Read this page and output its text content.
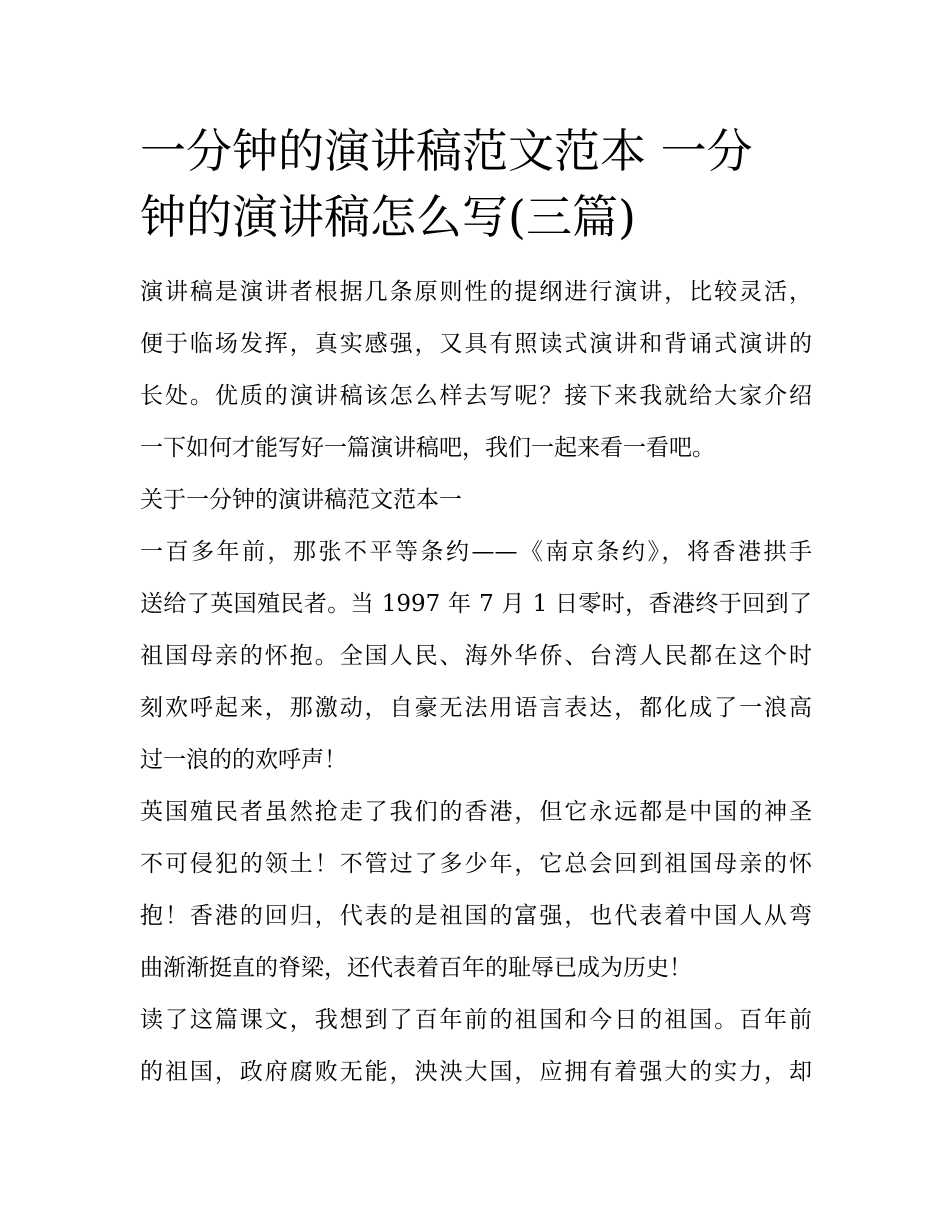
一分钟的演讲稿范文范本 一分
钟的演讲稿怎么写(三篇)
演讲稿是演讲者根据几条原则性的提纲进行演讲，比较灵活，
便于临场发挥，真实感强，又具有照读式演讲和背诵式演讲的
长处。优质的演讲稿该怎么样去写呢？接下来我就给大家介绍
一下如何才能写好一篇演讲稿吧，我们一起来看一看吧。
关于一分钟的演讲稿范文范本一
一百多年前，那张不平等条约——《南京条约》，将香港拱手
送给了英国殖民者。当 1997 年 7 月 1 日零时，香港终于回到了
祖国母亲的怀抱。全国人民、海外华侨、台湾人民都在这个时
刻欢呼起来，那激动，自豪无法用语言表达，都化成了一浪高
过一浪的的欢呼声！
英国殖民者虽然抢走了我们的香港，但它永远都是中国的神圣
不可侵犯的领土！不管过了多少年，它总会回到祖国母亲的怀
抱！香港的回归，代表的是祖国的富强，也代表着中国人从弯
曲渐渐挺直的脊梁，还代表着百年的耻辱已成为历史！
读了这篇课文，我想到了百年前的祖国和今日的祖国。百年前
的祖国，政府腐败无能，泱泱大国，应拥有着强大的实力，却
